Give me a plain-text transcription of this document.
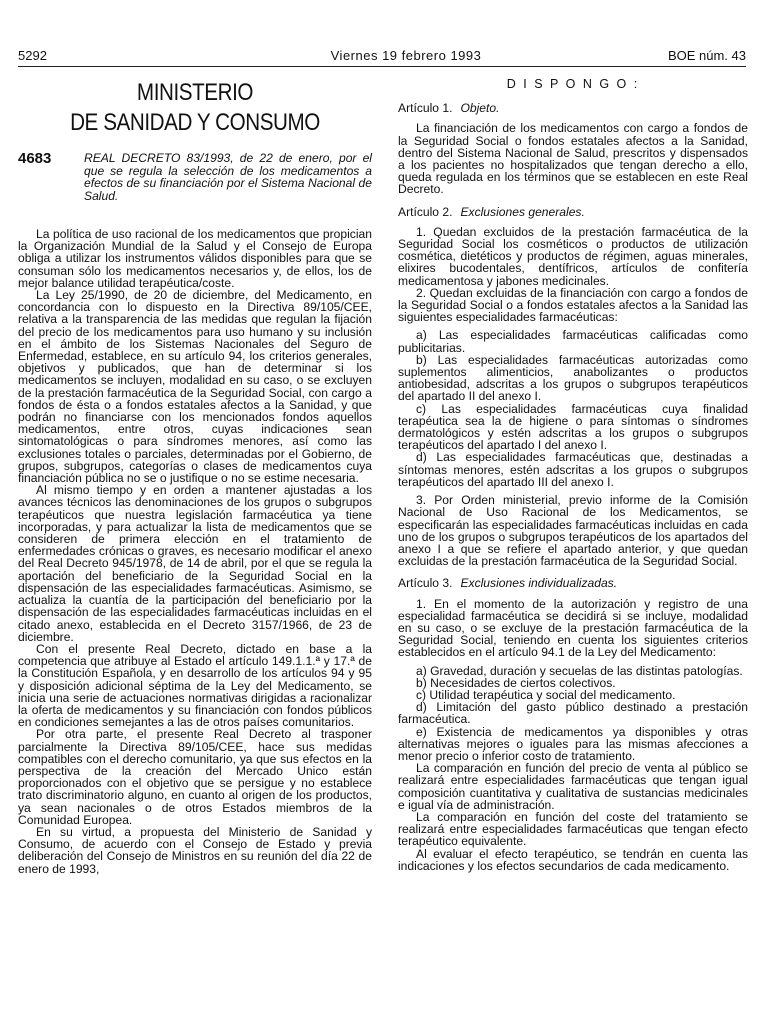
5292	Viernes 19 febrero 1993	BOE núm. 43
MINISTERIO
DE SANIDAD Y CONSUMO
4683	REAL DECRETO 83/1993, de 22 de enero, por el que se regula la selección de los medicamentos a efectos de su financiación por el Sistema Nacional de Salud.

La política de uso racional de los medicamentos que propician la Organización Mundial de la Salud y el Consejo de Europa obliga a utilizar los instrumentos válidos disponibles para que se consuman sólo los medicamentos necesarios y, de ellos, los de mejor balance utilidad terapéutica/coste.

La Ley 25/1990, de 20 de diciembre, del Medicamento, en concordancia con lo dispuesto en la Directiva 89/105/CEE, relativa a la transparencia de las medidas que regulan la fijación del precio de los medicamentos para uso humano y su inclusión en el ámbito de los Sistemas Nacionales del Seguro de Enfermedad, establece, en su artículo 94, los criterios generales, objetivos y publicados, que han de determinar si los medicamentos se incluyen, modalidad en su caso, o se excluyen de la prestación farmacéutica de la Seguridad Social, con cargo a fondos de ésta o a fondos estatales afectos a la Sanidad, y que podrán no financiarse con los mencionados fondos aquellos medicamentos, entre otros, cuyas indicaciones sean sintomatológicas o para síndromes menores, así como las exclusiones totales o parciales, determinadas por el Gobierno, de grupos, subgrupos, categorías o clases de medicamentos cuya financiación pública no se o justifique o no se estime necesaria.

Al mismo tiempo y en orden a mantener ajustadas a los avances técnicos las denominaciones de los grupos o subgrupos terapéuticos que nuestra legislación farmacéutica ya tiene incorporadas, y para actualizar la lista de medicamentos que se consideren de primera elección en el tratamiento de enfermedades crónicas o graves, es necesario modificar el anexo del Real Decreto 945/1978, de 14 de abril, por el que se regula la aportación del beneficiario de la Seguridad Social en la dispensación de las especialidades farmacéuticas. Asimismo, se actualiza la cuantía de la participación del beneficiario por la dispensación de las especialidades farmacéuticas incluidas en el citado anexo, establecida en el Decreto 3157/1966, de 23 de diciembre.

Con el presente Real Decreto, dictado en base a la competencia que atribuye al Estado el artículo 149.1.1.ª y 17.ª de la Constitución Española, y en desarrollo de los artículos 94 y 95 y disposición adicional séptima de la Ley del Medicamento, se inicia una serie de actuaciones normativas dirigidas a racionalizar la oferta de medicamentos y su financiación con fondos públicos en condiciones semejantes a las de otros países comunitarios.

Por otra parte, el presente Real Decreto al trasponer parcialmente la Directiva 89/105/CEE, hace sus medidas compatibles con el derecho comunitario, ya que sus efectos en la perspectiva de la creación del Mercado Unico están proporcionados con el objetivo que se persigue y no establece trato discriminatorio alguno, en cuanto al origen de los productos, ya sean nacionales o de otros Estados miembros de la Comunidad Europea.

En su virtud, a propuesta del Ministerio de Sanidad y Consumo, de acuerdo con el Consejo de Estado y previa deliberación del Consejo de Ministros en su reunión del día 22 de enero de 1993,

D I S P O N G O :

Artículo 1. Objeto.

La financiación de los medicamentos con cargo a fondos de la Seguridad Social o fondos estatales afectos a la Sanidad, dentro del Sistema Nacional de Salud, prescritos y dispensados a los pacientes no hospitalizados que tengan derecho a ello, queda regulada en los términos que se establecen en este Real Decreto.

Artículo 2. Exclusiones generales.

1. Quedan excluidos de la prestación farmacéutica de la Seguridad Social los cosméticos o productos de utilización cosmética, dietéticos y productos de régimen, aguas minerales, elixires bucodentales, dentífricos, artículos de confitería medicamentosa y jabones medicinales.

2. Quedan excluidas de la financiación con cargo a fondos de la Seguridad Social o a fondos estatales afectos a la Sanidad las siguientes especialidades farmacéuticas:

a) Las especialidades farmacéuticas calificadas como publicitarias.

b) Las especialidades farmacéuticas autorizadas como suplementos alimenticios, anabolizantes o productos antiobesidad, adscritas a los grupos o subgrupos terapéuticos del apartado II del anexo I.

c) Las especialidades farmacéuticas cuya finalidad terapéutica sea la de higiene o para síntomas o síndromes dermatológicos y estén adscritas a los grupos o subgrupos terapéuticos del apartado I del anexo I.

d) Las especialidades farmacéuticas que, destinadas a síntomas menores, estén adscritas a los grupos o subgrupos terapéuticos del apartado III del anexo I.

3. Por Orden ministerial, previo informe de la Comisión Nacional de Uso Racional de los Medicamentos, se especificarán las especialidades farmacéuticas incluidas en cada uno de los grupos o subgrupos terapéuticos de los apartados del anexo I a que se refiere el apartado anterior, y que quedan excluidas de la prestación farmacéutica de la Seguridad Social.

Artículo 3. Exclusiones individualizadas.

1. En el momento de la autorización y registro de una especialidad farmacéutica se decidirá si se incluye, modalidad en su caso, o se excluye de la prestación farmacéutica de la Seguridad Social, teniendo en cuenta los siguientes criterios establecidos en el artículo 94.1 de la Ley del Medicamento:

a) Gravedad, duración y secuelas de las distintas patologías.

b) Necesidades de ciertos colectivos.

c) Utilidad terapéutica y social del medicamento.

d) Limitación del gasto público destinado a prestación farmacéutica.

e) Existencia de medicamentos ya disponibles y otras alternativas mejores o iguales para las mismas afecciones a menor precio o inferior costo de tratamiento.

La comparación en función del precio de venta al público se realizará entre especialidades farmacéuticas que tengan igual composición cuantitativa y cualitativa de sustancias medicinales e igual vía de administración.

La comparación en función del coste del tratamiento se realizará entre especialidades farmacéuticas que tengan efecto terapéutico equivalente.

Al evaluar el efecto terapéutico, se tendrán en cuenta las indicaciones y los efectos secundarios de cada medicamento.
